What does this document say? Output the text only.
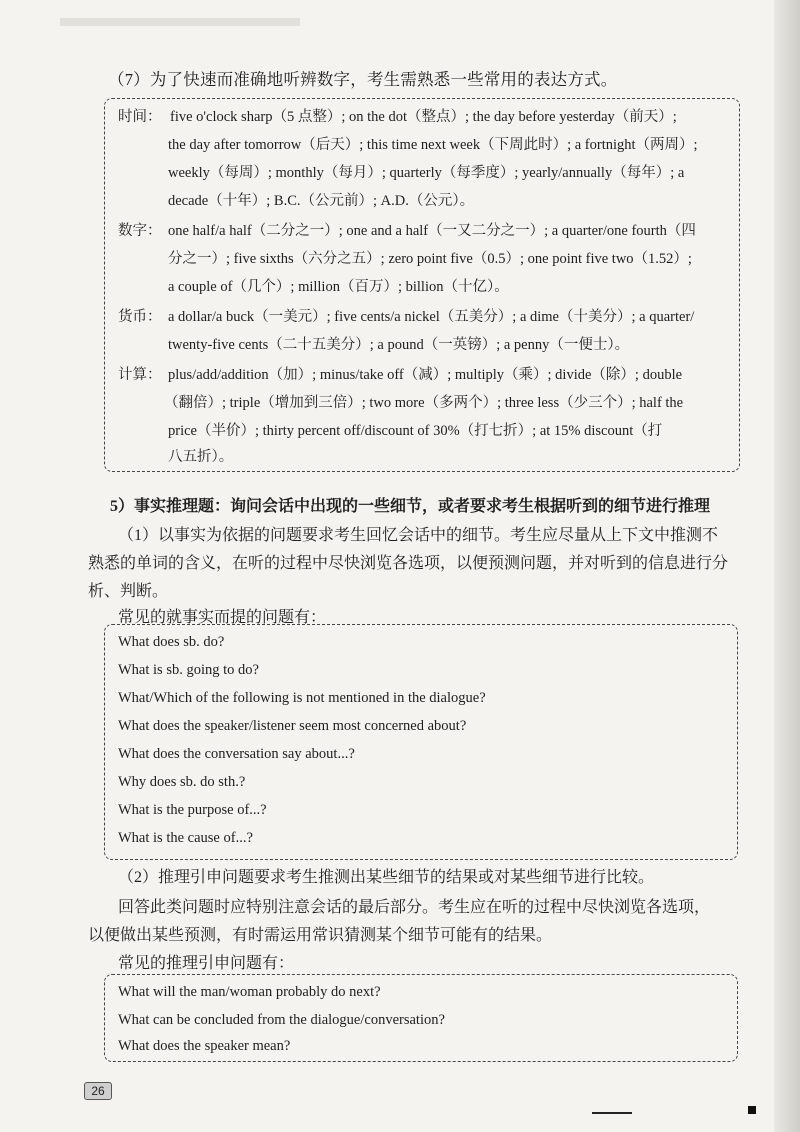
（7）为了快速而准确地听辨数字，考生需熟悉一些常用的表达方式。
时间： five o'clock sharp（5 点整）; on the dot（整点）; the day before yesterday（前天）;
the day after tomorrow（后天）; this time next week（下周此时）; a fortnight（两周）;
weekly（每周）; monthly（每月）; quarterly（每季度）; yearly/annually（每年）; a
decade（十年）; B.C.（公元前）; A.D.（公元）。
数字： one half/a half（二分之一）; one and a half（一又二分之一）; a quarter/one fourth（四
分之一）; five sixths（六分之五）; zero point five（0.5）; one point five two（1.52）;
a couple of（几个）; million（百万）; billion（十亿）。
货币： a dollar/a buck（一美元）; five cents/a nickel（五美分）; a dime（十美分）; a quarter/
twenty-five cents（二十五美分）; a pound（一英镑）; a penny（一便士）。
计算： plus/add/addition（加）; minus/take off（减）; multiply（乘）; divide（除）; double
（翻倍）; triple（增加到三倍）; two more（多两个）; three less（少三个）; half the
price（半价）; thirty percent off/discount of 30%（打七折）; at 15% discount（打
八五折）。
5）事实推理题：询问会话中出现的一些细节，或者要求考生根据听到的细节进行推理
（1）以事实为依据的问题要求考生回忆会话中的细节。考生应尽量从上下文中推测不
熟悉的单词的含义，在听的过程中尽快浏览各选项，以便预测问题，并对听到的信息进行分
析、判断。
常见的就事实而提的问题有：
What does sb. do?
What is sb. going to do?
What/Which of the following is not mentioned in the dialogue?
What does the speaker/listener seem most concerned about?
What does the conversation say about...?
Why does sb. do sth.?
What is the purpose of...?
What is the cause of...?
（2）推理引申问题要求考生推测出某些细节的结果或对某些细节进行比较。
回答此类问题时应特别注意会话的最后部分。考生应在听的过程中尽快浏览各选项，
以便做出某些预测，有时需运用常识猜测某个细节可能有的结果。
常见的推理引申问题有：
What will the man/woman probably do next?
What can be concluded from the dialogue/conversation?
What does the speaker mean?
26
